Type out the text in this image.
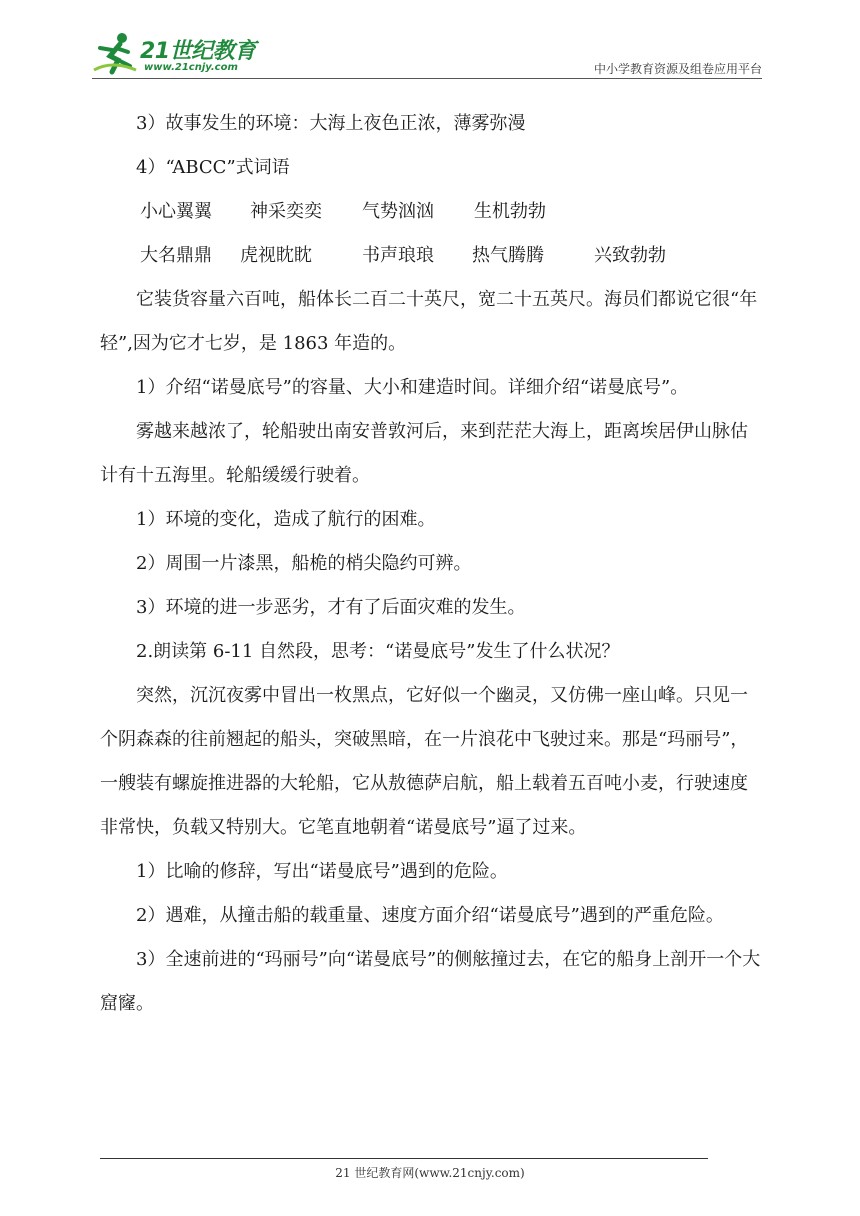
21世纪教育
www.21cnjy.com	中小学教育资源及组卷应用平台

3）故事发生的环境：大海上夜色正浓，薄雾弥漫

4）“ABCC”式词语

小心翼翼 神采奕奕 气势汹汹 生机勃勃

大名鼎鼎 虎视眈眈	书声琅琅 热气腾腾	兴致勃勃

它装货容量六百吨，船体长二百二十英尺，宽二十五英尺。海员们都说它很“年轻”,因为它才七岁，是 1863 年造的。

1）介绍“诺曼底号”的容量、大小和建造时间。详细介绍“诺曼底号”。

雾越来越浓了，轮船驶出南安普敦河后，来到茫茫大海上，距离埃居伊山脉估计有十五海里。轮船缓缓行驶着。

1）环境的变化，造成了航行的困难。

2）周围一片漆黑，船桅的梢尖隐约可辨。

3）环境的进一步恶劣，才有了后面灾难的发生。

2.朗读第 6-11 自然段，思考：“诺曼底号”发生了什么状况？

突然，沉沉夜雾中冒出一枚黑点，它好似一个幽灵，又仿佛一座山峰。只见一个阴森森的往前翘起的船头，突破黑暗，在一片浪花中飞驶过来。那是“玛丽号”，一艘装有螺旋推进器的大轮船，它从敖德萨启航，船上载着五百吨小麦，行驶速度非常快，负载又特别大。它笔直地朝着“诺曼底号”逼了过来。

1）比喻的修辞，写出“诺曼底号”遇到的危险。

2）遇难，从撞击船的载重量、速度方面介绍“诺曼底号”遇到的严重危险。

3）全速前进的“玛丽号”向“诺曼底号”的侧舷撞过去，在它的船身上剖开一个大窟窿。

21 世纪教育网(www.21cnjy.com)
